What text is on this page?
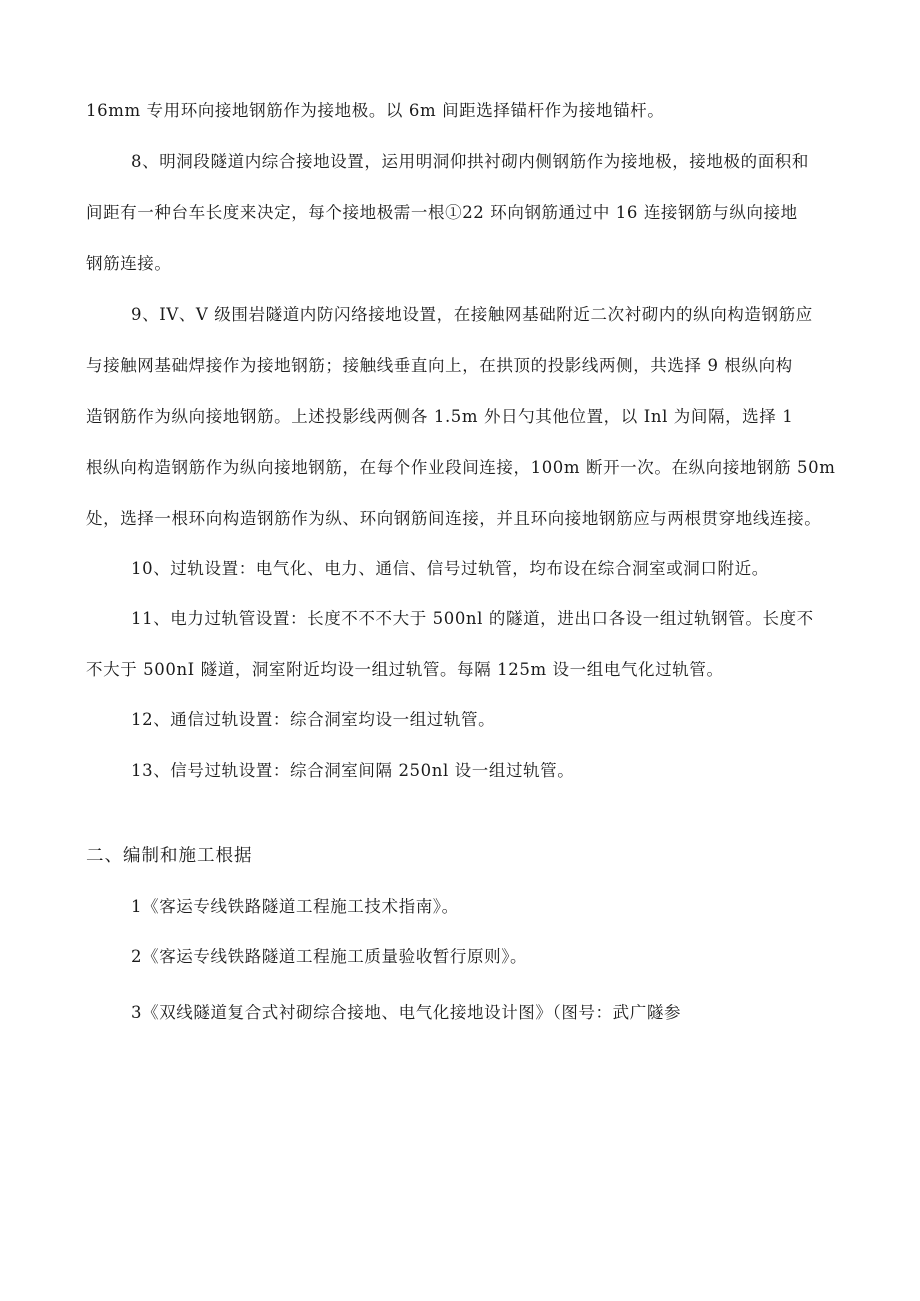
16mm 专用环向接地钢筋作为接地极。以 6m 间距选择锚杆作为接地锚杆。
8、明洞段隧道内综合接地设置，运用明洞仰拱衬砌内侧钢筋作为接地极，接地极的面积和
间距有一种台车长度来决定，每个接地极需一根①22 环向钢筋通过中 16 连接钢筋与纵向接地
钢筋连接。
9、IV、V 级围岩隧道内防闪络接地设置，在接触网基础附近二次衬砌内的纵向构造钢筋应
与接触网基础焊接作为接地钢筋；接触线垂直向上，在拱顶的投影线两侧，共选择 9 根纵向构
造钢筋作为纵向接地钢筋。上述投影线两侧各 1.5m 外日勺其他位置，以 Inl 为间隔，选择 1
根纵向构造钢筋作为纵向接地钢筋，在每个作业段间连接，100m 断开一次。在纵向接地钢筋 50m
处，选择一根环向构造钢筋作为纵、环向钢筋间连接，并且环向接地钢筋应与两根贯穿地线连接。
10、过轨设置：电气化、电力、通信、信号过轨管，均布设在综合洞室或洞口附近。
11、电力过轨管设置：长度不不不大于 500nl 的隧道，进出口各设一组过轨钢管。长度不
不大于 500nI 隧道，洞室附近均设一组过轨管。每隔 125m 设一组电气化过轨管。
12、通信过轨设置：综合洞室均设一组过轨管。
13、信号过轨设置：综合洞室间隔 250nl 设一组过轨管。
二、编制和施工根据
1《客运专线铁路隧道工程施工技术指南》。
2《客运专线铁路隧道工程施工质量验收暂行原则》。
3《双线隧道复合式衬砌综合接地、电气化接地设计图》（图号：武广隧参
